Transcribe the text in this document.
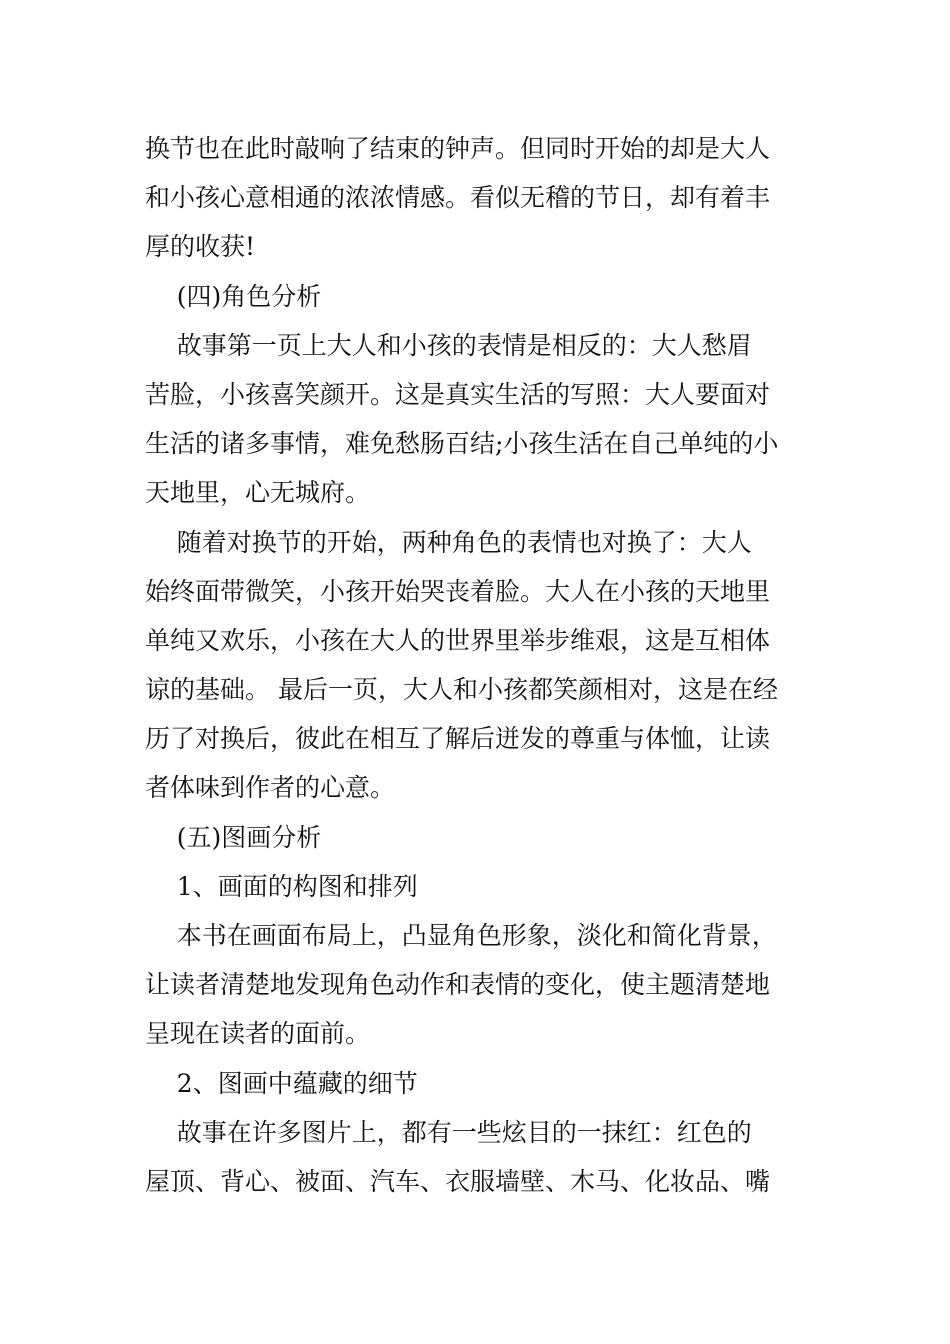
换节也在此时敲响了结束的钟声。但同时开始的却是大人
和小孩心意相通的浓浓情感。看似无稽的节日，却有着丰
厚的收获!
(四)角色分析
故事第一页上大人和小孩的表情是相反的：大人愁眉
苦脸，小孩喜笑颜开。这是真实生活的写照：大人要面对
生活的诸多事情，难免愁肠百结;小孩生活在自己单纯的小
天地里，心无城府。
随着对换节的开始，两种角色的表情也对换了：大人
始终面带微笑，小孩开始哭丧着脸。大人在小孩的天地里
单纯又欢乐，小孩在大人的世界里举步维艰，这是互相体
谅的基础。 最后一页，大人和小孩都笑颜相对，这是在经
历了对换后，彼此在相互了解后迸发的尊重与体恤，让读
者体味到作者的心意。
(五)图画分析
1、画面的构图和排列
本书在画面布局上，凸显角色形象，淡化和简化背景，
让读者清楚地发现角色动作和表情的变化，使主题清楚地
呈现在读者的面前。
2、图画中蕴藏的细节
故事在许多图片上，都有一些炫目的一抹红：红色的
屋顶、背心、被面、汽车、衣服墙壁、木马、化妆品、嘴
